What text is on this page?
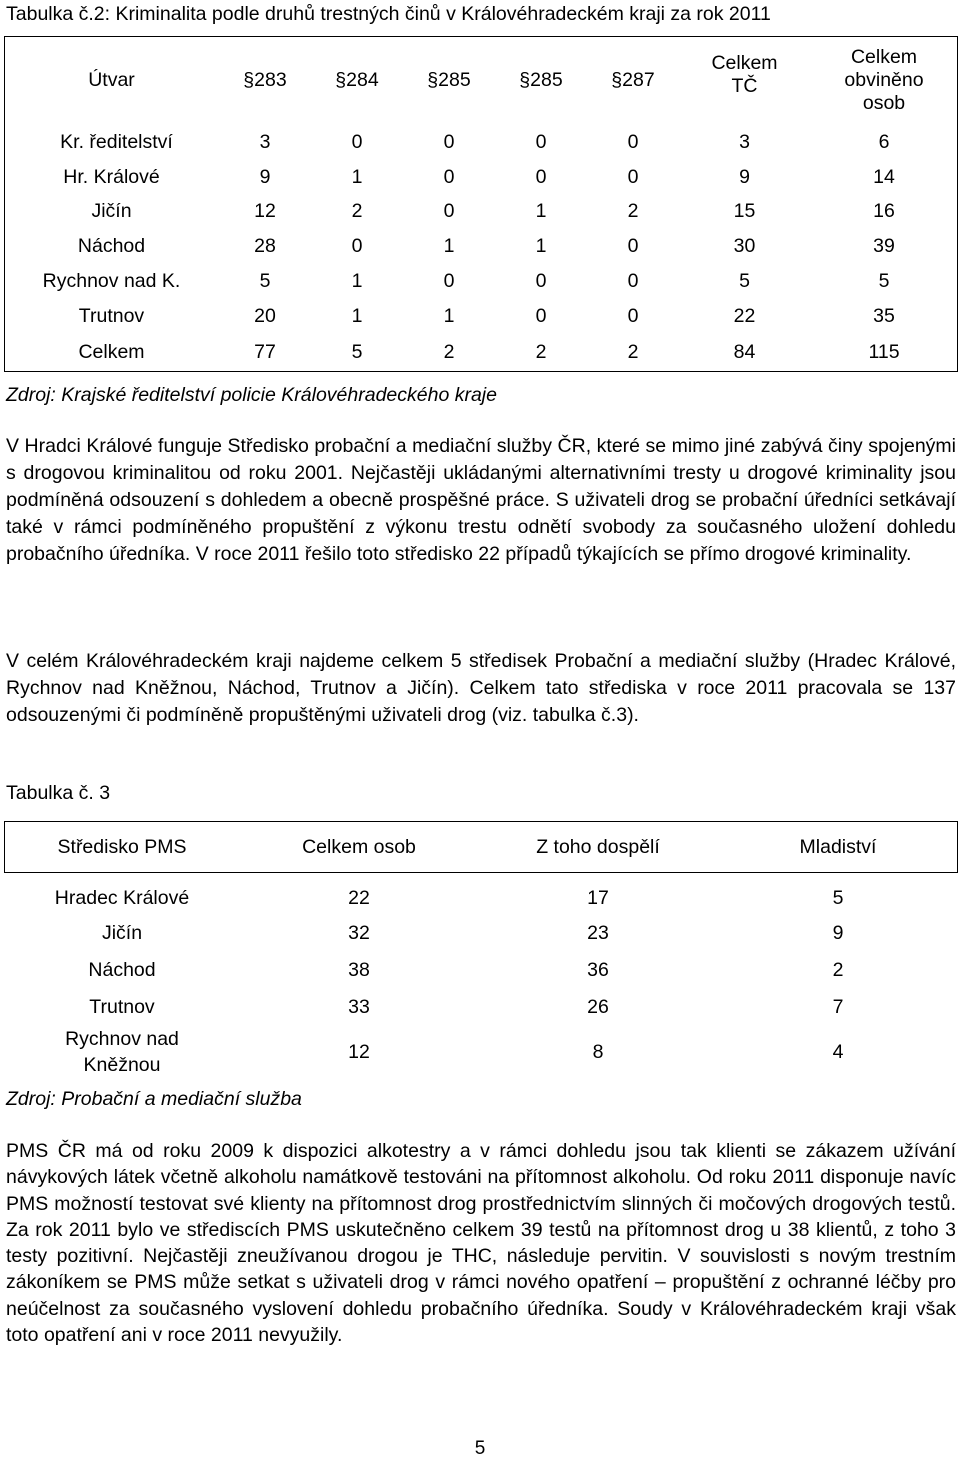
Tabulka č.2: Kriminalita podle druhů trestných činů v Královéhradeckém kraji za rok 2011
Útvar	§283	§284	§285	§285	§287	Celkem TČ	Celkem obviněno osob

Kr. ředitelství	3	0	0	0	0	3	6
Hr. Králové	9	1	0	0	0	9	14
Jičín	12	2	0	1	2	15	16
Náchod	28	0	1	1	0	30	39
Rychnov nad K.	5	1	0	0	0	5	5
Trutnov	20	1	1	0	0	22	35
Celkem	77	5	2	2	2	84	115
Zdroj: Krajské ředitelství policie Královéhradeckého kraje
V Hradci Králové funguje Středisko probační a mediační služby ČR, které se mimo jiné zabývá činy spojenými s drogovou kriminalitou od roku 2001. Nejčastěji ukládanými alternativními tresty u drogové kriminality jsou podmíněná odsouzení s dohledem a obecně prospěšné práce. S uživateli drog se probační úředníci setkávají také v rámci podmíněného propuštění z výkonu trestu odnětí svobody za současného uložení dohledu probačního úředníka. V roce 2011 řešilo toto středisko 22 případů týkajících se přímo drogové kriminality.
V celém Královéhradeckém kraji najdeme celkem 5 středisek Probační a mediační služby (Hradec Králové, Rychnov nad Kněžnou, Náchod, Trutnov a Jičín). Celkem tato střediska v roce 2011 pracovala se 137 odsouzenými či podmíněně propuštěnými uživateli drog (viz. tabulka č.3).
Tabulka č. 3
Středisko PMS	Celkem osob	Z toho dospělí	Mladiství
Hradec Králové	22	17	5
Jičín	32	23	9
Náchod	38	36	2
Trutnov	33	26	7

Rychnov nad Kněžnou	12	8	4
Zdroj: Probační a mediační služba
PMS ČR má od roku 2009 k dispozici alkotestry a v rámci dohledu jsou tak klienti se zákazem užívání návykových látek včetně alkoholu namátkově testováni na přítomnost alkoholu. Od roku 2011 disponuje navíc PMS možností testovat své klienty na přítomnost drog prostřednictvím slinných či močových drogových testů. Za rok 2011 bylo ve střediscích PMS uskutečněno celkem 39 testů na přítomnost drog u 38 klientů, z toho 3 testy pozitivní. Nejčastěji zneužívanou drogou je THC, následuje pervitin. V souvislosti s novým trestním zákoníkem se PMS může setkat s uživateli drog v rámci nového opatření – propuštění z ochranné léčby pro neúčelnost za současného vyslovení dohledu probačního úředníka. Soudy v Královéhradeckém kraji však toto opatření ani v roce 2011 nevyužily.
5
